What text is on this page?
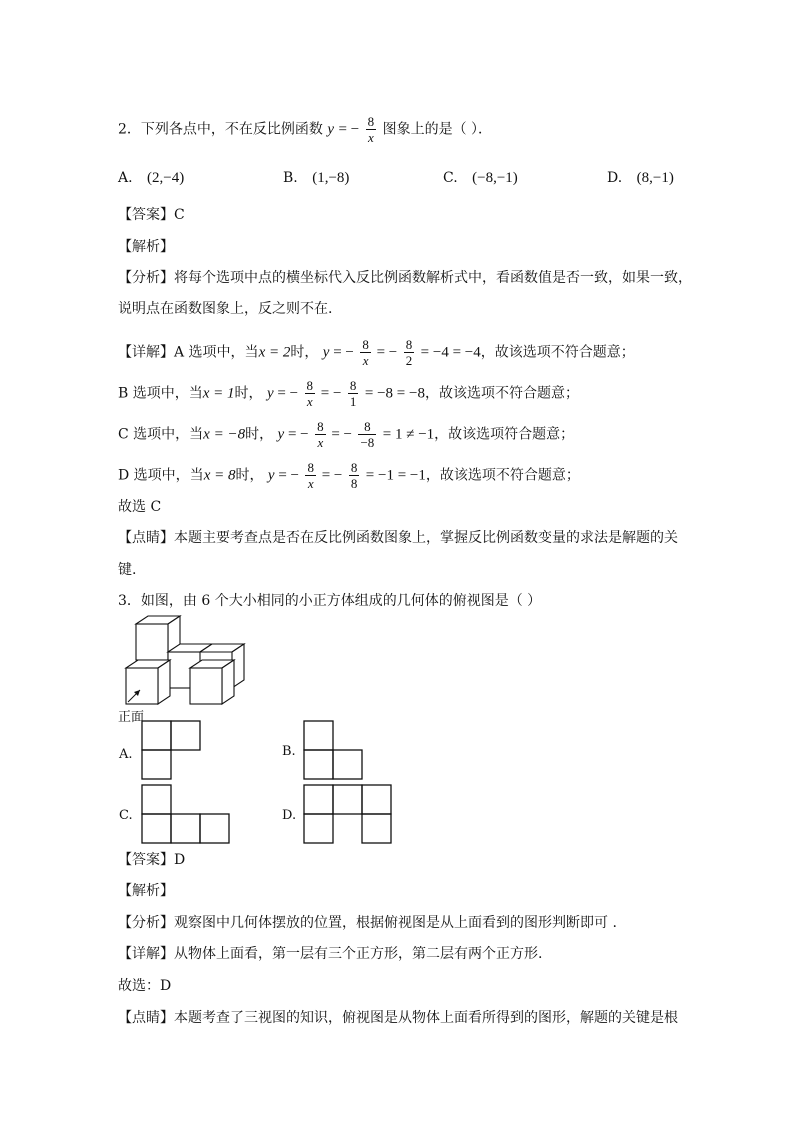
2．下列各点中，不在反比例函数 y = − $\frac{8}{x}$ 图象上的是（ ）．
A. (2,−4)	B. (1,−8)	C. (−8,−1)	D. (8,−1)
【答案】C
【解析】
【分析】将每个选项中点的横坐标代入反比例函数解析式中，看函数值是否一致，如果一致，
说明点在函数图象上，反之则不在.
【详解】A 选项中，当x = 2时， y = − $\frac{8}{x}$ = − $\frac{8}{2} = -4 = -4$，故该选项不符合题意；
B 选项中，当x = 1时， y = − $\frac{8}{x}$ = − $\frac{8}{1} = -8 = -8$，故该选项不符合题意；
C 选项中，当x = −8时， y = − $\frac{8}{x}$ = − $\frac{8}{-8} = 1 \ne -1$，故该选项符合题意；
D 选项中，当x = 8时， y = − $\frac{8}{x}$ = − $\frac{8}{8} = -1 = -1$，故该选项不符合题意；
故选 C
【点睛】本题主要考查点是否在反比例函数图象上，掌握反比例函数变量的求法是解题的关
键.
3．如图，由 6 个大小相同的小正方体组成的几何体的俯视图是（ ）
正面
A.	B.
C.	D.
【答案】D
【解析】
【分析】观察图中几何体摆放的位置，根据俯视图是从上面看到的图形判断即可 .
【详解】从物体上面看，第一层有三个正方形，第二层有两个正方形.
故选：D
【点睛】本题考查了三视图的知识，俯视图是从物体上面看所得到的图形，解题的关键是根
